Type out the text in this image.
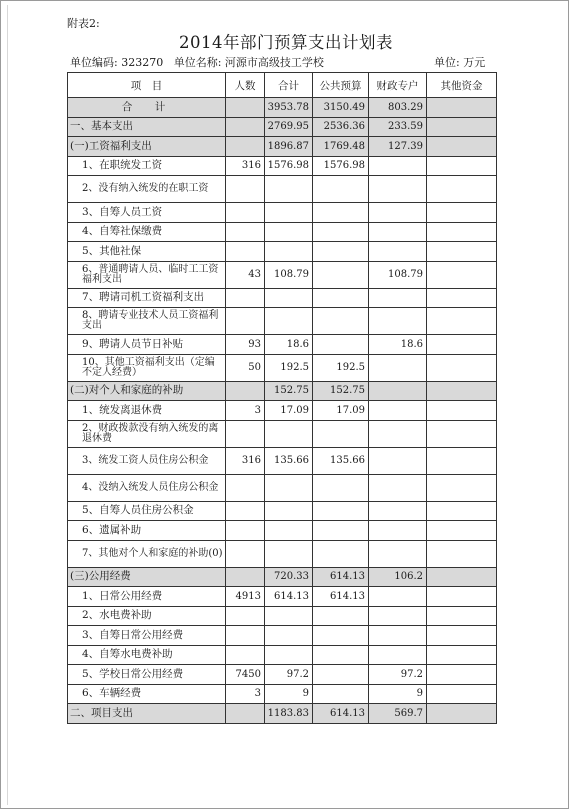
附表2:
2014年部门预算支出计划表
单位编码: 323270 单位名称: 河源市高级技工学校	单位: 万元
项　目	人数	合计	公共预算	财政专户	其他资金
合　计		3953.78	3150.49	803.29	
一、基本支出		2769.95	2536.36	233.59	
(一)工资福利支出		1896.87	1769.48	127.39	
1、在职统发工资	316	1576.98	1576.98		
2、没有纳入统发的在职工资					
3、自筹人员工资					
4、自筹社保缴费					
5、其他社保					
6、普通聘请人员、临时工工资福利支出	43	108.79		108.79	
7、聘请司机工资福利支出					
8、聘请专业技术人员工资福利支出					
9、聘请人员节日补贴	93	18.6		18.6	
10、其他工资福利支出（定编不定人经费）	50	192.5	192.5		
(二)对个人和家庭的补助		152.75	152.75		
1、统发离退休费	3	17.09	17.09		
2、财政拨款没有纳入统发的离退休费					
3、统发工资人员住房公积金	316	135.66	135.66		
4、没纳入统发人员住房公积金					
5、自筹人员住房公积金					
6、遗属补助					
7、其他对个人和家庭的补助(0)					
(三)公用经费		720.33	614.13	106.2	
1、日常公用经费	4913	614.13	614.13		
2、水电费补助					
3、自筹日常公用经费					
4、自筹水电费补助					
5、学校日常公用经费	7450	97.2		97.2	
6、车辆经费	3	9		9	
二、项目支出		1183.83	614.13	569.7	
